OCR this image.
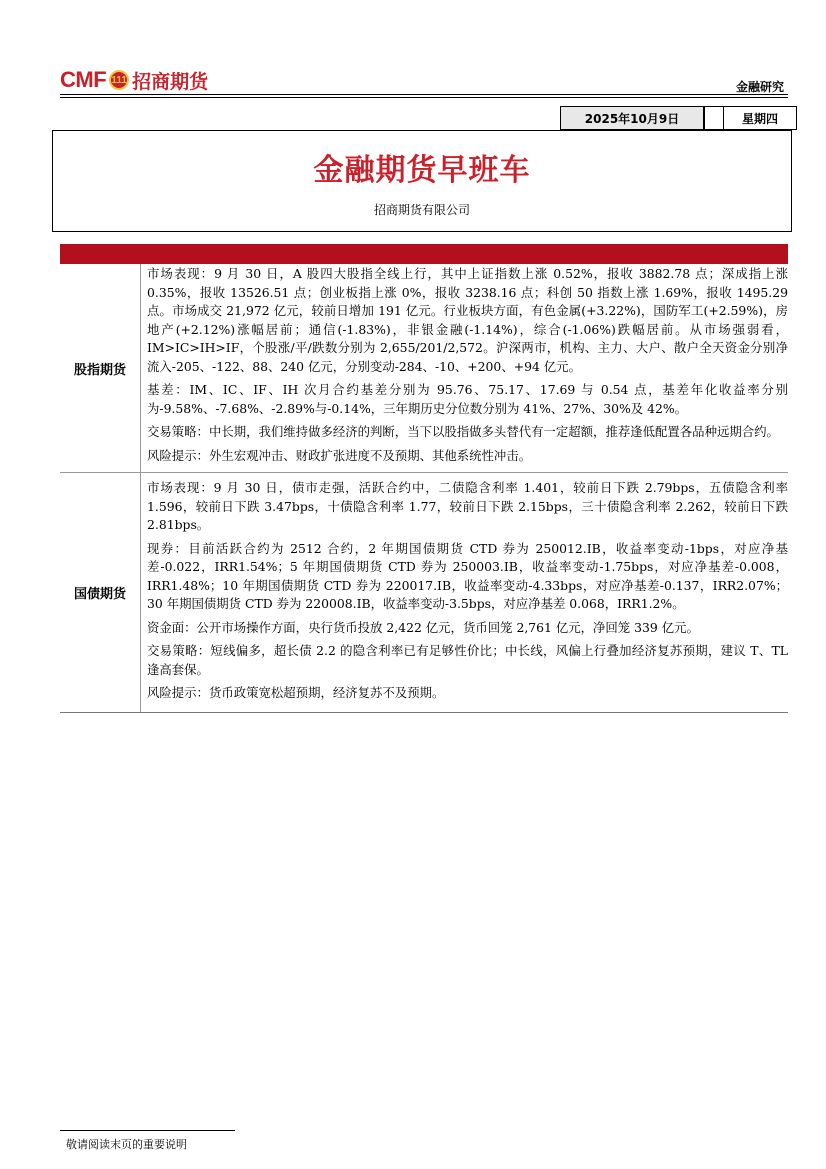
CMF 111 招商期货	金融研究
2025年10月9日	星期四
金融期货早班车
招商期货有限公司
股指期货	市场表现：9 月 30 日，A 股四大股指全线上行，其中上证指数上涨 0.52%，报收 3882.78 点；深成指上涨 0.35%，报收 13526.51 点；创业板指上涨 0%，报收 3238.16 点；科创 50 指数上涨 1.69%，报收 1495.29 点。市场成交 21,972 亿元，较前日增加 191 亿元。行业板块方面，有色金属(+3.22%)，国防军工(+2.59%)，房地产(+2.12%)涨幅居前；通信(-1.83%)，非银金融(-1.14%)，综合(-1.06%)跌幅居前。从市场强弱看，IM>IC>IH>IF，个股涨/平/跌数分别为 2,655/201/2,572。沪深两市，机构、主力、大户、散户全天资金分别净流入-205、-122、88、240 亿元，分别变动-284、-10、+200、+94 亿元。

基差：IM、IC、IF、IH 次月合约基差分别为 95.76、75.17、17.69 与 0.54 点，基差年化收益率分别为-9.58%、-7.68%、-2.89%与-0.14%，三年期历史分位数分别为 41%、27%、30%及 42%。

交易策略：中长期，我们维持做多经济的判断，当下以股指做多头替代有一定超额，推荐逢低配置各品种远期合约。

风险提示：外生宏观冲击、财政扩张进度不及预期、其他系统性冲击。

国债期货	市场表现：9 月 30 日，债市走强，活跃合约中，二债隐含利率 1.401，较前日下跌 2.79bps，五债隐含利率 1.596，较前日下跌 3.47bps，十债隐含利率 1.77，较前日下跌 2.15bps，三十债隐含利率 2.262，较前日下跌 2.81bps。

现券：目前活跃合约为 2512 合约，2 年期国债期货 CTD 券为 250012.IB，收益率变动-1bps，对应净基差-0.022，IRR1.54%；5 年期国债期货 CTD 券为 250003.IB，收益率变动-1.75bps，对应净基差-0.008，IRR1.48%；10 年期国债期货 CTD 券为 220017.IB，收益率变动-4.33bps，对应净基差-0.137，IRR2.07%；30 年期国债期货 CTD 券为 220008.IB，收益率变动-3.5bps，对应净基差 0.068，IRR1.2%。

资金面：公开市场操作方面，央行货币投放 2,422 亿元，货币回笼 2,761 亿元，净回笼 339 亿元。

交易策略：短线偏多，超长债 2.2 的隐含利率已有足够性价比；中长线，风偏上行叠加经济复苏预期，建议 T、TL 逢高套保。

风险提示：货币政策宽松超预期，经济复苏不及预期。

敬请阅读末页的重要说明
